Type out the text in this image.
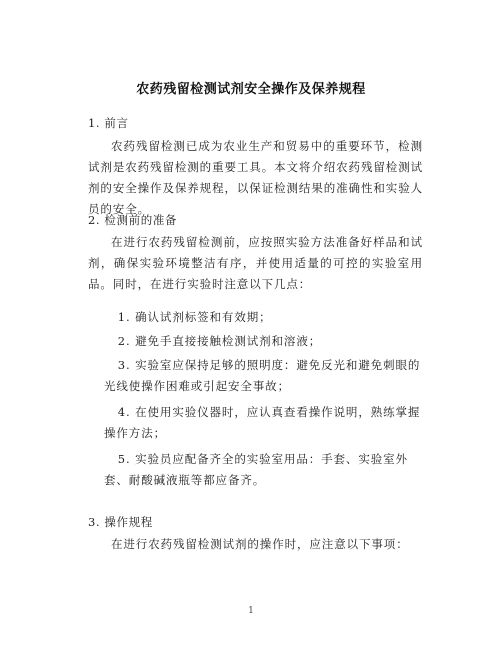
农药残留检测试剂安全操作及保养规程
1. 前言

农药残留检测已成为农业生产和贸易中的重要环节，检测试剂是农药残留检测的重要工具。本文将介绍农药残留检测试剂的安全操作及保养规程，以保证检测结果的准确性和实验人员的安全。

2. 检测前的准备

在进行农药残留检测前，应按照实验方法准备好样品和试剂，确保实验环境整洁有序，并使用适量的可控的实验室用品。同时，在进行实验时注意以下几点：

1. 确认试剂标签和有效期；

2. 避免手直接接触检测试剂和溶液；

3. 实验室应保持足够的照明度：避免反光和避免刺眼的光线使操作困难或引起安全事故；

4. 在使用实验仪器时，应认真查看操作说明，熟练掌握操作方法；

5. 实验员应配备齐全的实验室用品：手套、实验室外套、耐酸碱液瓶等都应备齐。

3. 操作规程

在进行农药残留检测试剂的操作时，应注意以下事项：

1
